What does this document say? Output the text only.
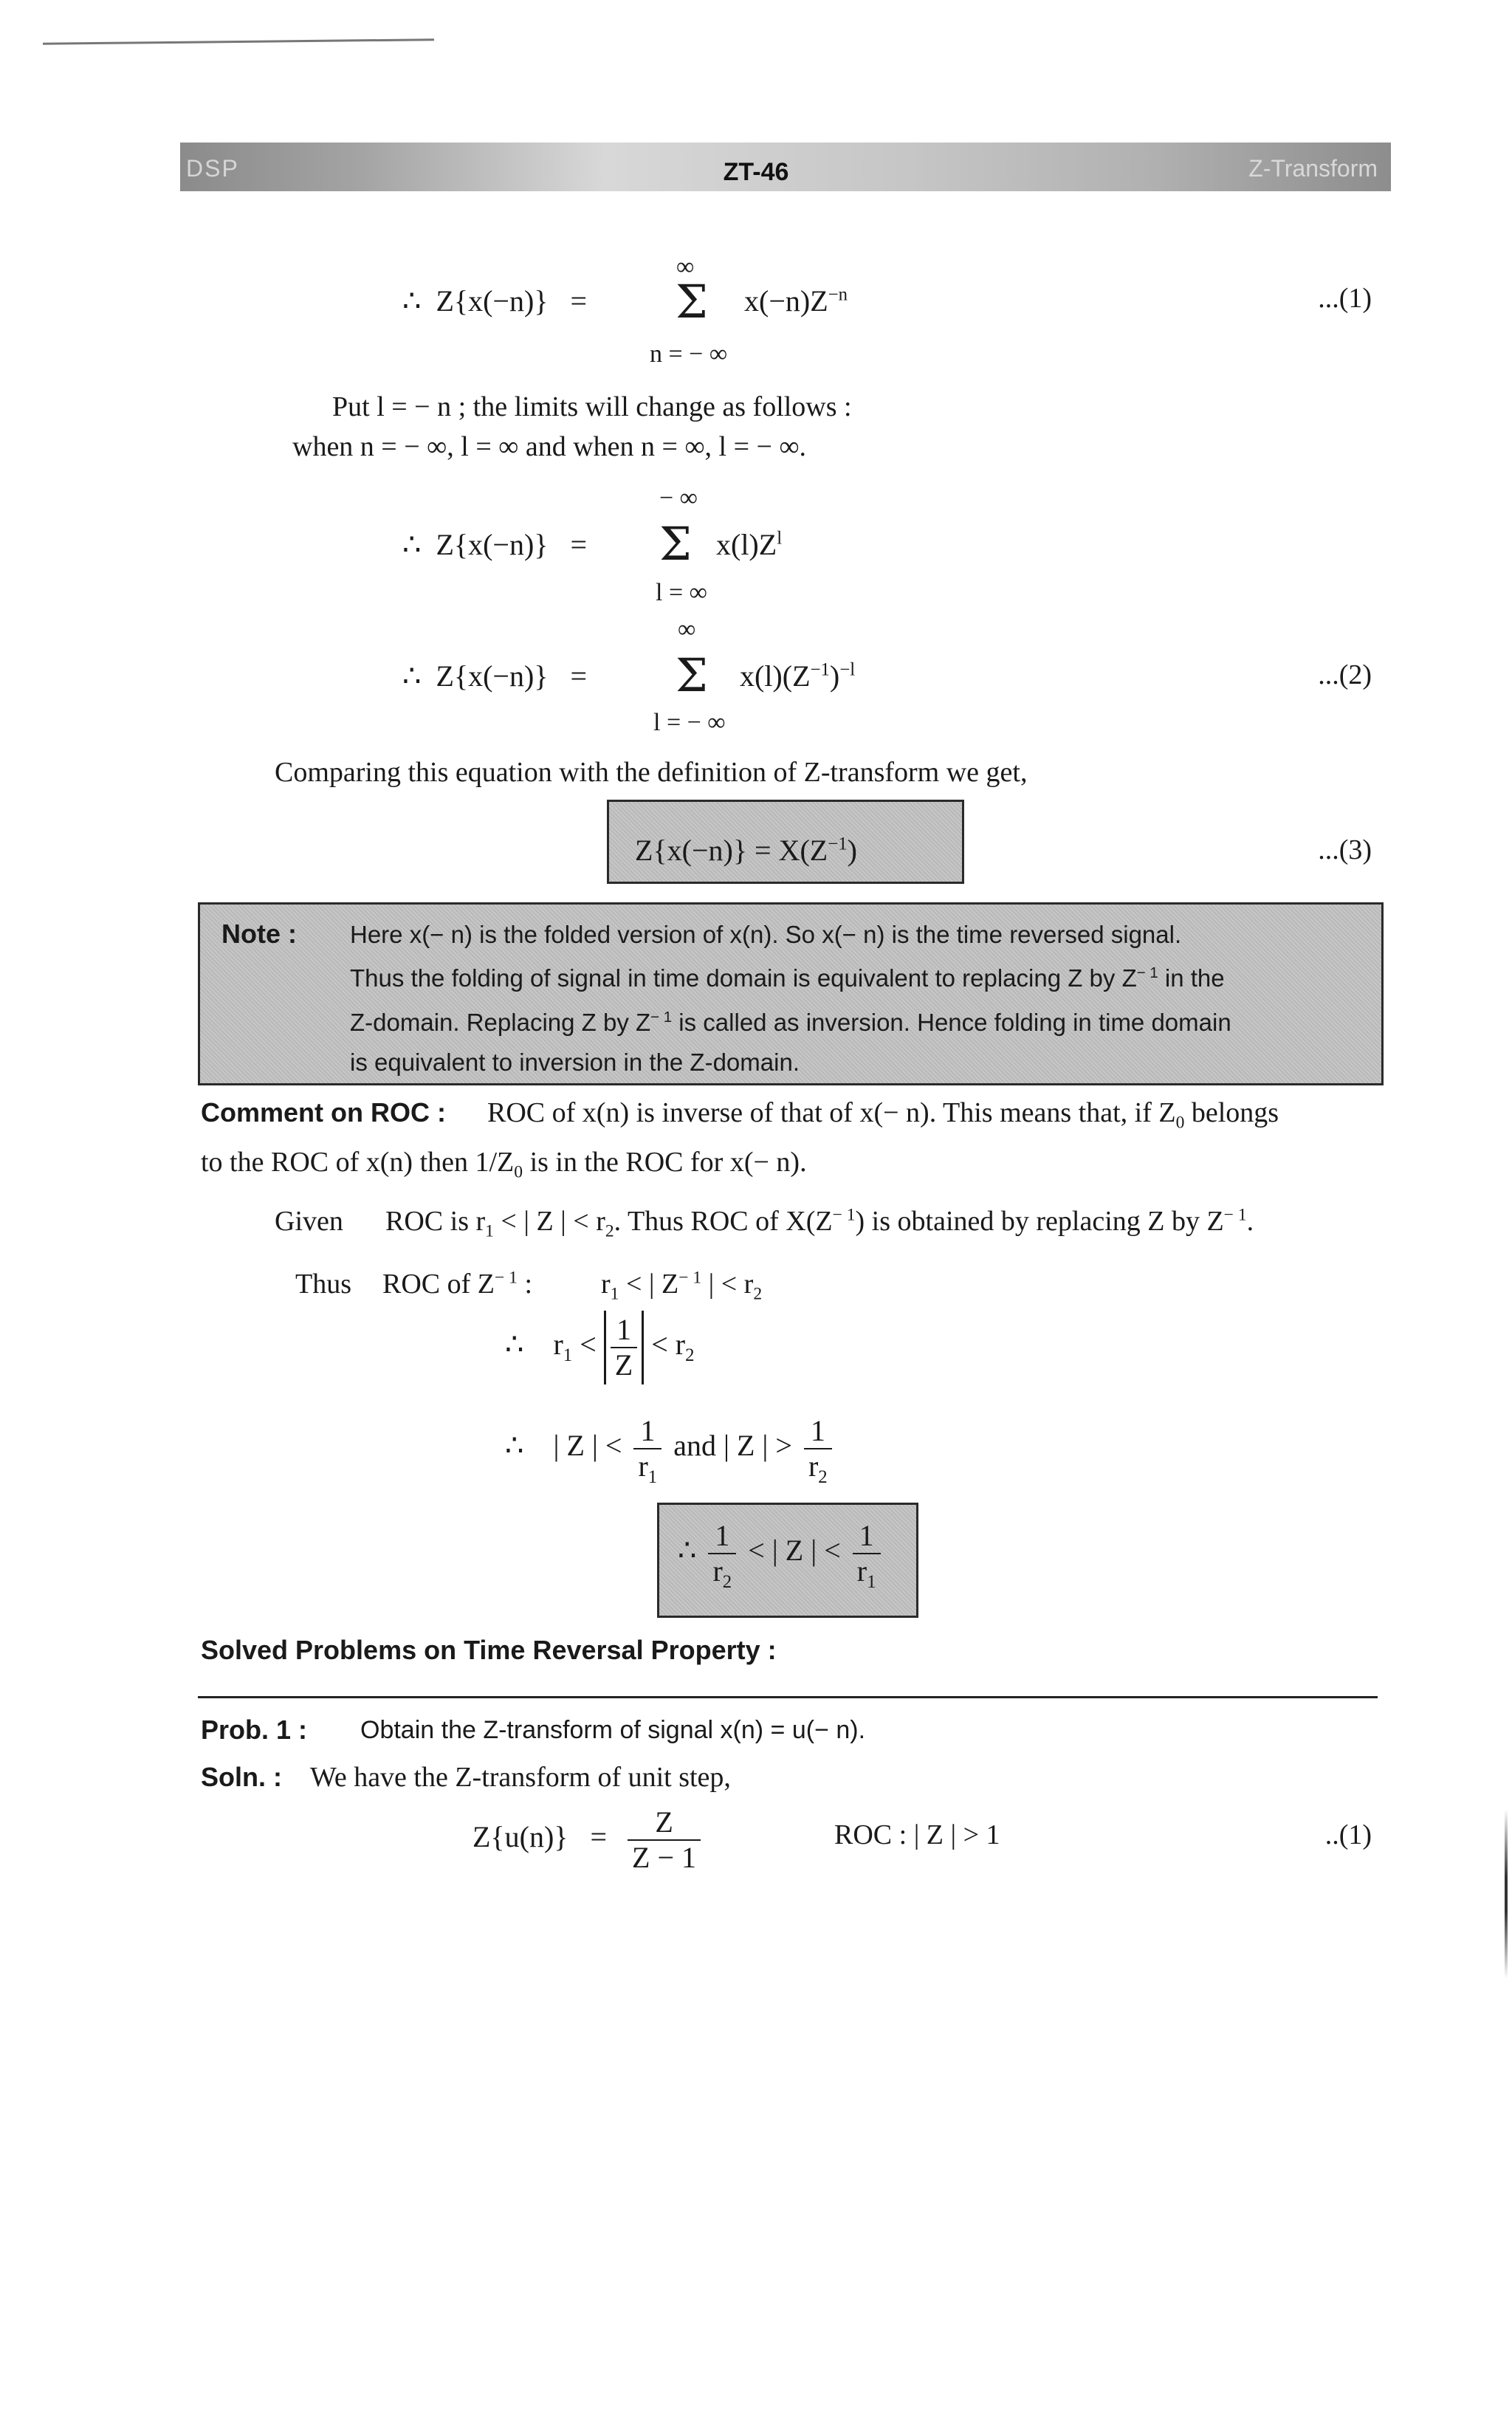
DSP	ZT-46	Z-Transform
∞
∴ Z{x(−n)}   = Σ $x(-n)Z^{-n}$	...(1)
n = − ∞
Put l = − n ; the limits will change as follows :
when n = − ∞, l = ∞ and when n = ∞, l = − ∞.
− ∞
∴ Z{x(−n)}   = Σ $x(l)Z^l$
l = ∞
∞
∴ Z{x(−n)}   = Σ $x(l)(Z^{-1})^{-l}$	...(2)
l = − ∞
Comparing this equation with the definition of Z-transform we get,
$Z\{x(-n)\} = X(Z^{-1})$	...(3)
Note : Here x(− n) is the folded version of x(n). So x(− n) is the time reversed signal.
Thus the folding of signal in time domain is equivalent to replacing Z by $Z^{- 1}$ in the
Z-domain. Replacing Z by $Z^{- 1}$ is called as inversion. Hence folding in time domain
is equivalent to inversion in the Z-domain.
Comment on ROC : ROC of x(n) is inverse of that of x(− n). This means that, if $Z_0$ belongs
to the ROC of x(n) then $1/Z_0$ is in the ROC for x(− n).
Given ROC is $r_1$ < | Z | < $r_2$. Thus ROC of $X(Z^{- 1})$ is obtained by replacing Z by $Z^{- 1}$.
Thus ROC of $Z^{- 1}$ : $r_1$ < | $Z^{- 1}$ | < $r_2$
∴ $r_1 < \frac{1}{Z} < r_2$
∴ | Z | < $\frac{1}{r_1}$ and | Z | > $\frac{1}{r_2}$
∴ $\frac{1}{r_2}$ < | Z | < $\frac{1}{r_1}$
Solved Problems on Time Reversal Property :
Prob. 1 : Obtain the Z-transform of signal x(n) = u(− n).
Soln. : We have the Z-transform of unit step,
$Z\{u(n)\} = \frac{Z}{Z - 1}$	ROC : | Z | > 1	..(1)
